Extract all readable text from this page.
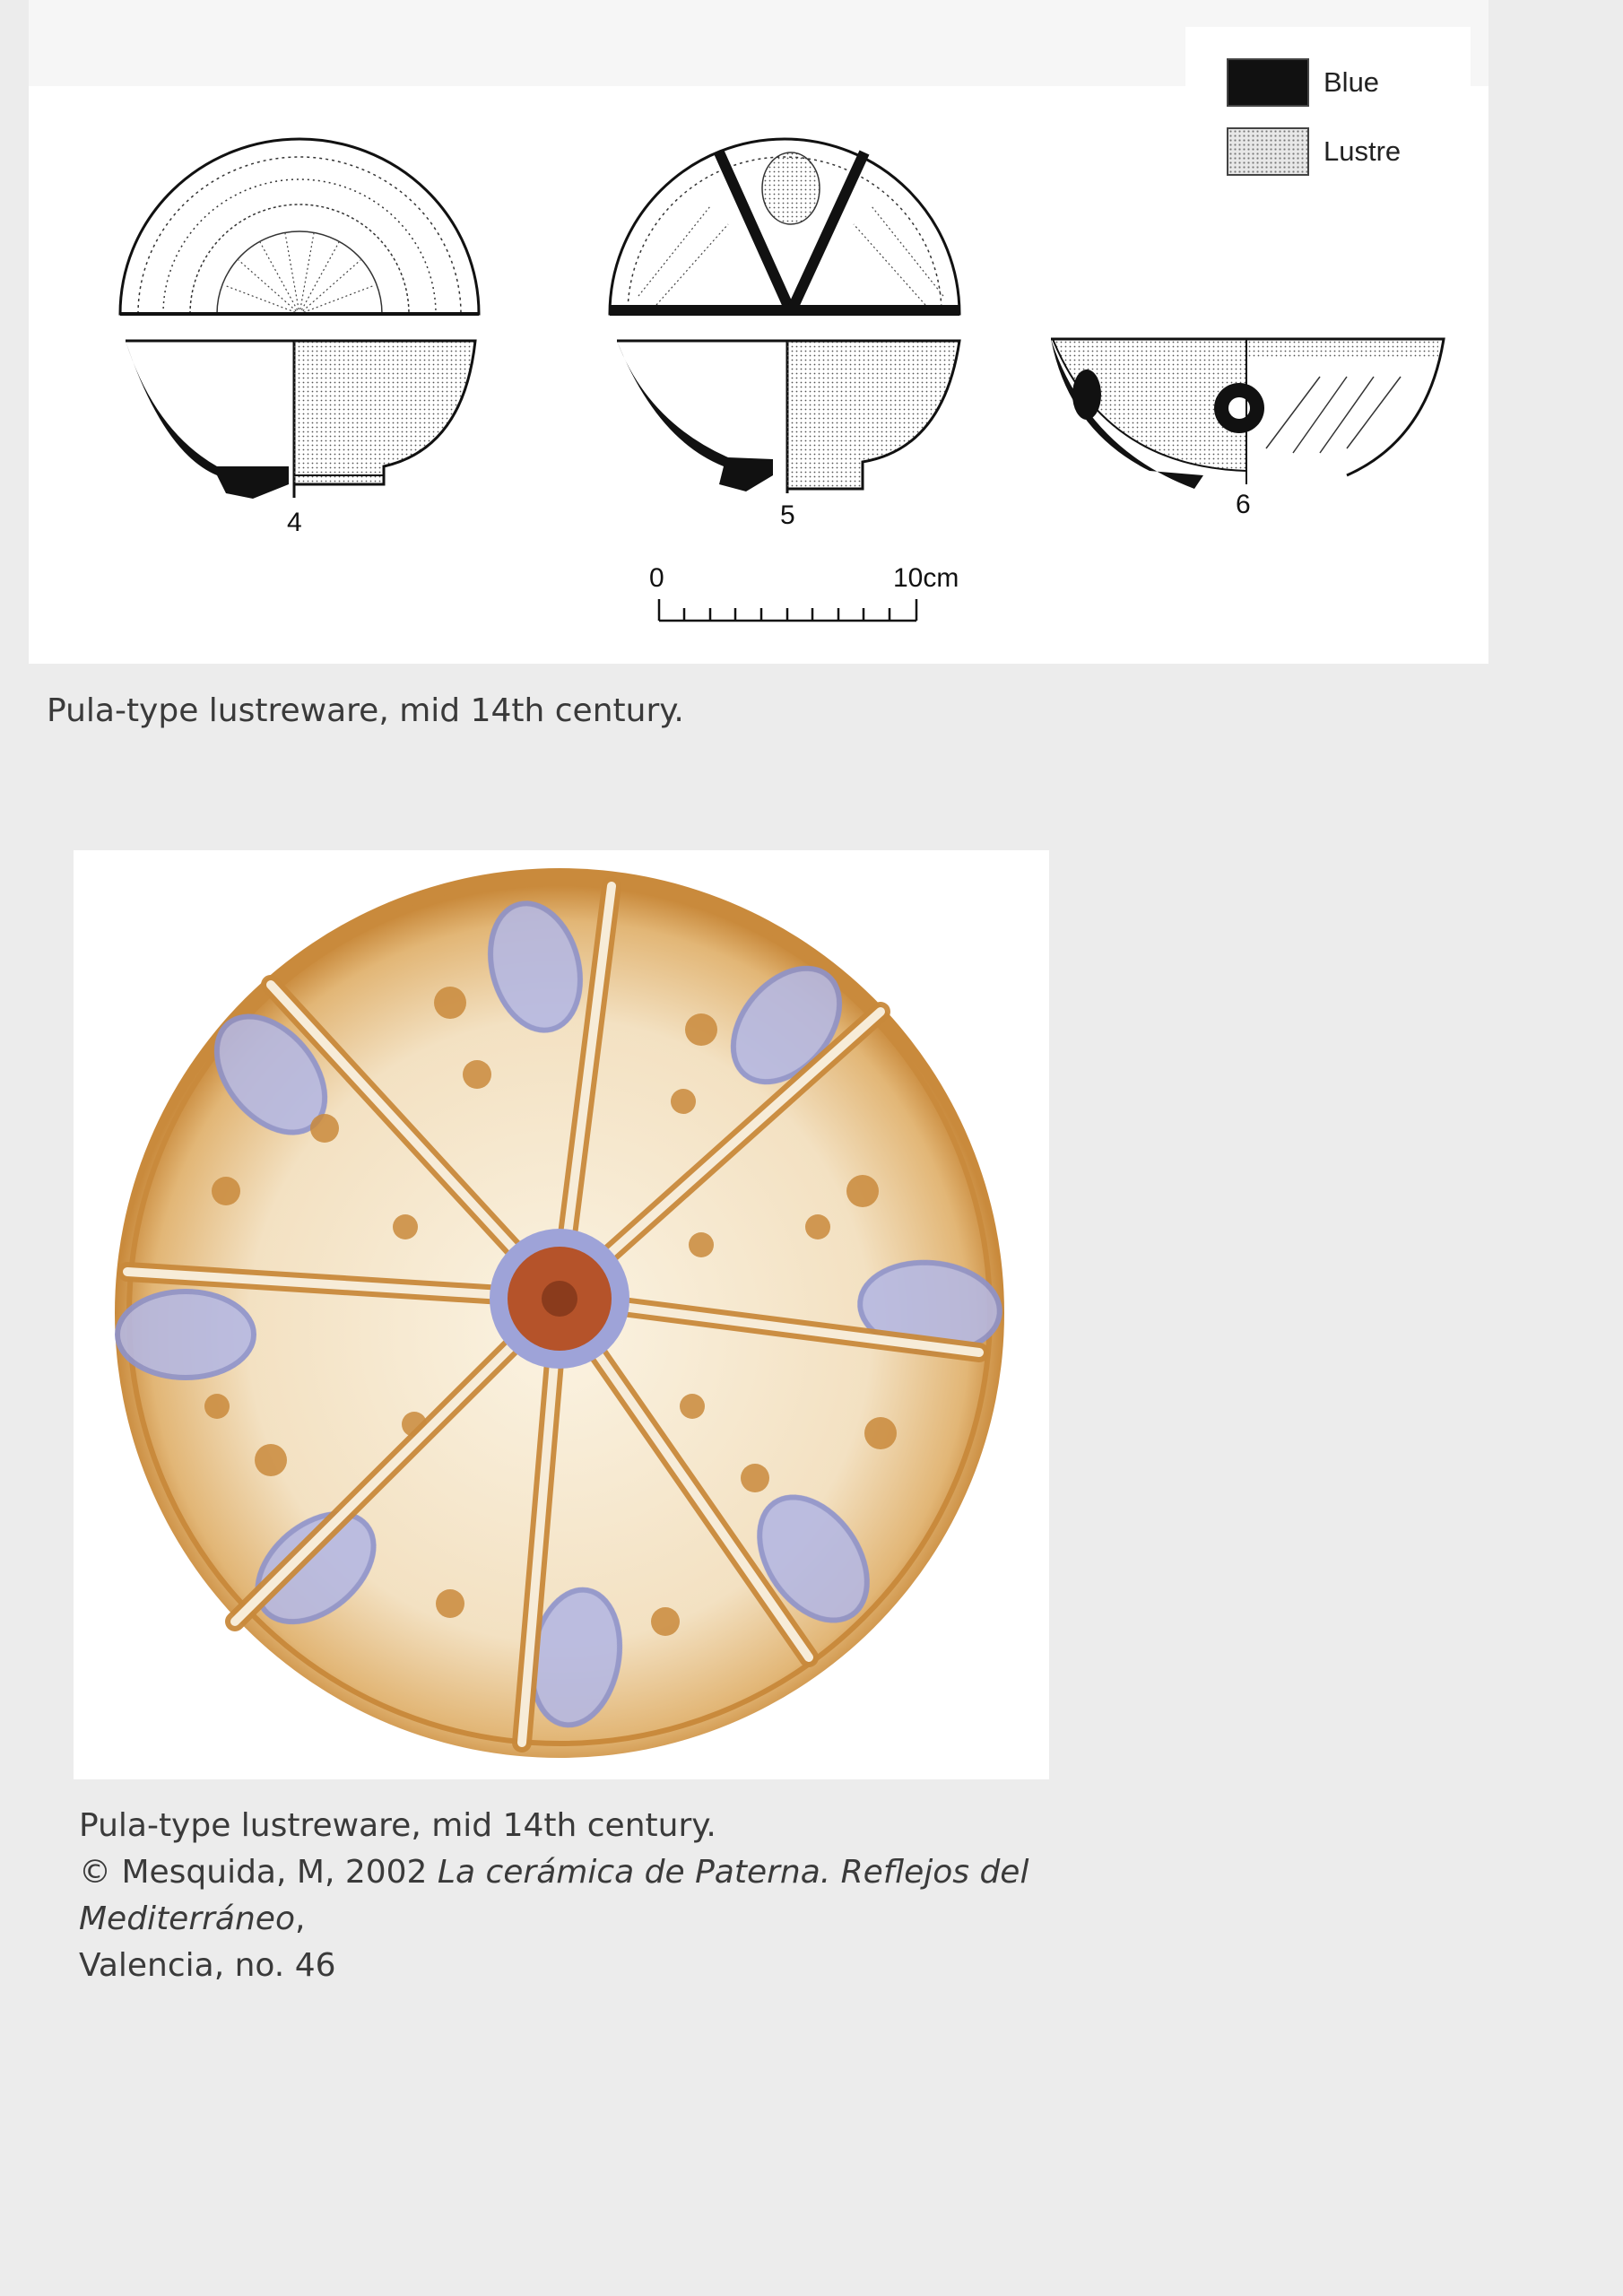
Blue
Lustre
4	5	6
0	10cm
Pula-type lustreware, mid 14th century.
Pula-type lustreware, mid 14th century.
© Mesquida, M, 2002 La cerámica de Paterna. Reflejos del Mediterráneo,
Valencia, no. 46
